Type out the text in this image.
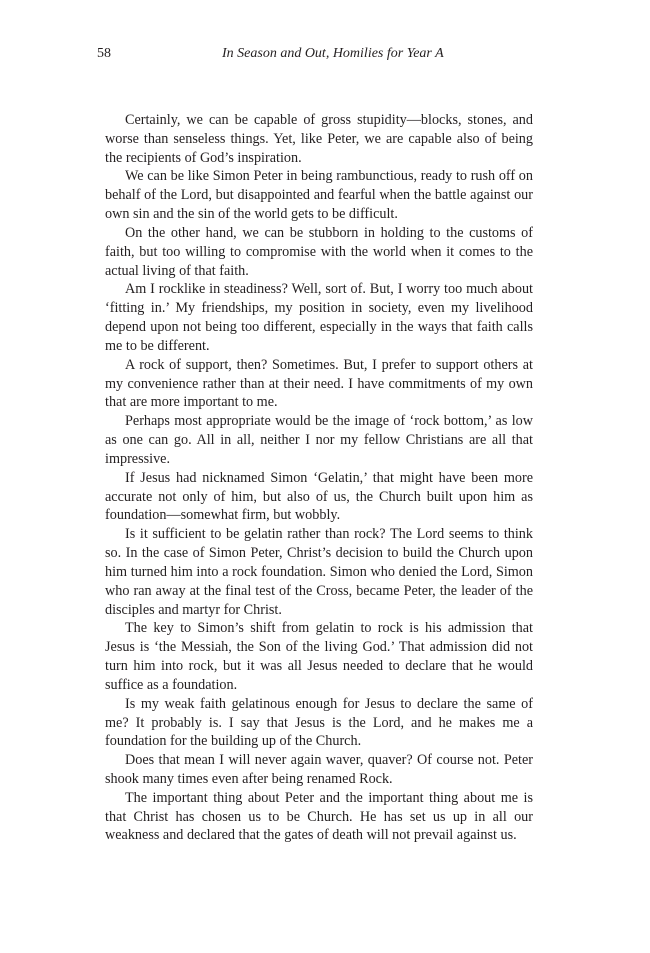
58	In Season and Out, Homilies for Year A

Certainly, we can be capable of gross stupidity—blocks, stones, and worse than senseless things. Yet, like Peter, we are capable also of being the recipients of God’s inspiration.

We can be like Simon Peter in being rambunctious, ready to rush off on behalf of the Lord, but disappointed and fearful when the battle against our own sin and the sin of the world gets to be difficult.

On the other hand, we can be stubborn in holding to the customs of faith, but too willing to compromise with the world when it comes to the actual living of that faith.

Am I rocklike in steadiness? Well, sort of. But, I worry too much about ‘fitting in.’ My friendships, my position in society, even my livelihood depend upon not being too different, especially in the ways that faith calls me to be different.

A rock of support, then? Sometimes. But, I prefer to support others at my convenience rather than at their need. I have commitments of my own that are more important to me.

Perhaps most appropriate would be the image of ‘rock bottom,’ as low as one can go. All in all, neither I nor my fellow Christians are all that impressive.

If Jesus had nicknamed Simon ‘Gelatin,’ that might have been more accurate not only of him, but also of us, the Church built upon him as foundation—somewhat firm, but wobbly.

Is it sufficient to be gelatin rather than rock? The Lord seems to think so. In the case of Simon Peter, Christ’s decision to build the Church upon him turned him into a rock foundation. Simon who denied the Lord, Simon who ran away at the final test of the Cross, became Peter, the leader of the disciples and martyr for Christ.

The key to Simon’s shift from gelatin to rock is his admission that Jesus is ‘the Messiah, the Son of the living God.’ That admission did not turn him into rock, but it was all Jesus needed to declare that he would suffice as a foundation.

Is my weak faith gelatinous enough for Jesus to declare the same of me? It probably is. I say that Jesus is the Lord, and he makes me a foundation for the building up of the Church.

Does that mean I will never again waver, quaver? Of course not. Peter shook many times even after being renamed Rock.

The important thing about Peter and the important thing about me is that Christ has chosen us to be Church. He has set us up in all our weakness and declared that the gates of death will not prevail against us.
